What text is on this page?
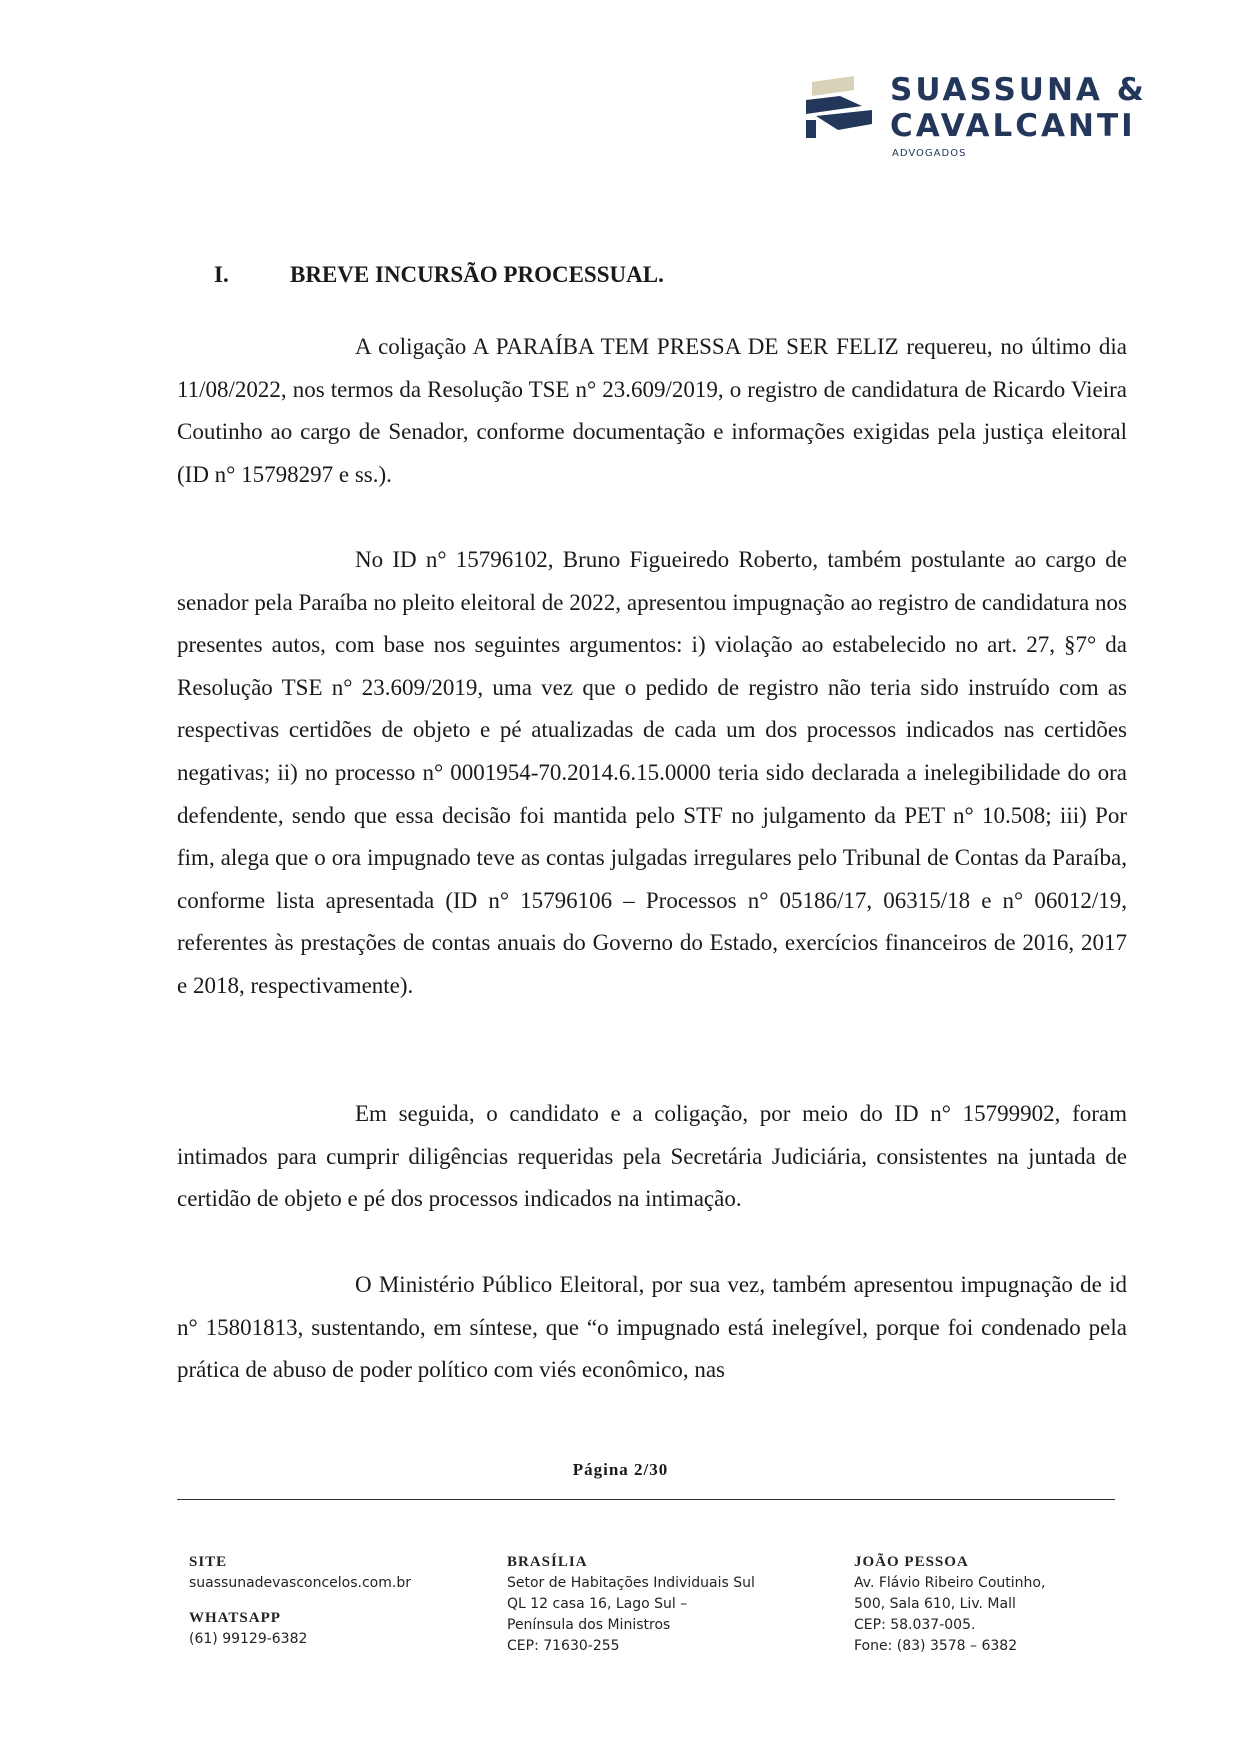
SUASSUNA &
CAVALCANTI
ADVOGADOS
I.	BREVE INCURSÃO PROCESSUAL.

A coligação A PARAÍBA TEM PRESSA DE SER FELIZ requereu, no último dia 11/08/2022, nos termos da Resolução TSE n° 23.609/2019, o registro de candidatura de Ricardo Vieira Coutinho ao cargo de Senador, conforme documentação e informações exigidas pela justiça eleitoral (ID n° 15798297 e ss.).

No ID n° 15796102, Bruno Figueiredo Roberto, também postulante ao cargo de senador pela Paraíba no pleito eleitoral de 2022, apresentou impugnação ao registro de candidatura nos presentes autos, com base nos seguintes argumentos: i) violação ao estabelecido no art. 27, §7° da Resolução TSE n° 23.609/2019, uma vez que o pedido de registro não teria sido instruído com as respectivas certidões de objeto e pé atualizadas de cada um dos processos indicados nas certidões negativas; ii) no processo n° 0001954-70.2014.6.15.0000 teria sido declarada a inelegibilidade do ora defendente, sendo que essa decisão foi mantida pelo STF no julgamento da PET n° 10.508; iii) Por fim, alega que o ora impugnado teve as contas julgadas irregulares pelo Tribunal de Contas da Paraíba, conforme lista apresentada (ID n° 15796106 – Processos n° 05186/17, 06315/18 e n° 06012/19, referentes às prestações de contas anuais do Governo do Estado, exercícios financeiros de 2016, 2017 e 2018, respectivamente).

Em seguida, o candidato e a coligação, por meio do ID n° 15799902, foram intimados para cumprir diligências requeridas pela Secretária Judiciária, consistentes na juntada de certidão de objeto e pé dos processos indicados na intimação.

O Ministério Público Eleitoral, por sua vez, também apresentou impugnação de id n° 15801813, sustentando, em síntese, que “o impugnado está inelegível, porque foi condenado pela prática de abuso de poder político com viés econômico, nas

Página 2/30
SITE
suassunadevasconcelos.com.br
WHATSAPP
(61) 99129-6382
BRASÍLIA
Setor de Habitações Individuais Sul
QL 12 casa 16, Lago Sul –
Península dos Ministros
CEP: 71630-255
JOÃO PESSOA
Av. Flávio Ribeiro Coutinho,
500, Sala 610, Liv. Mall
CEP: 58.037-005.
Fone: (83) 3578 – 6382
